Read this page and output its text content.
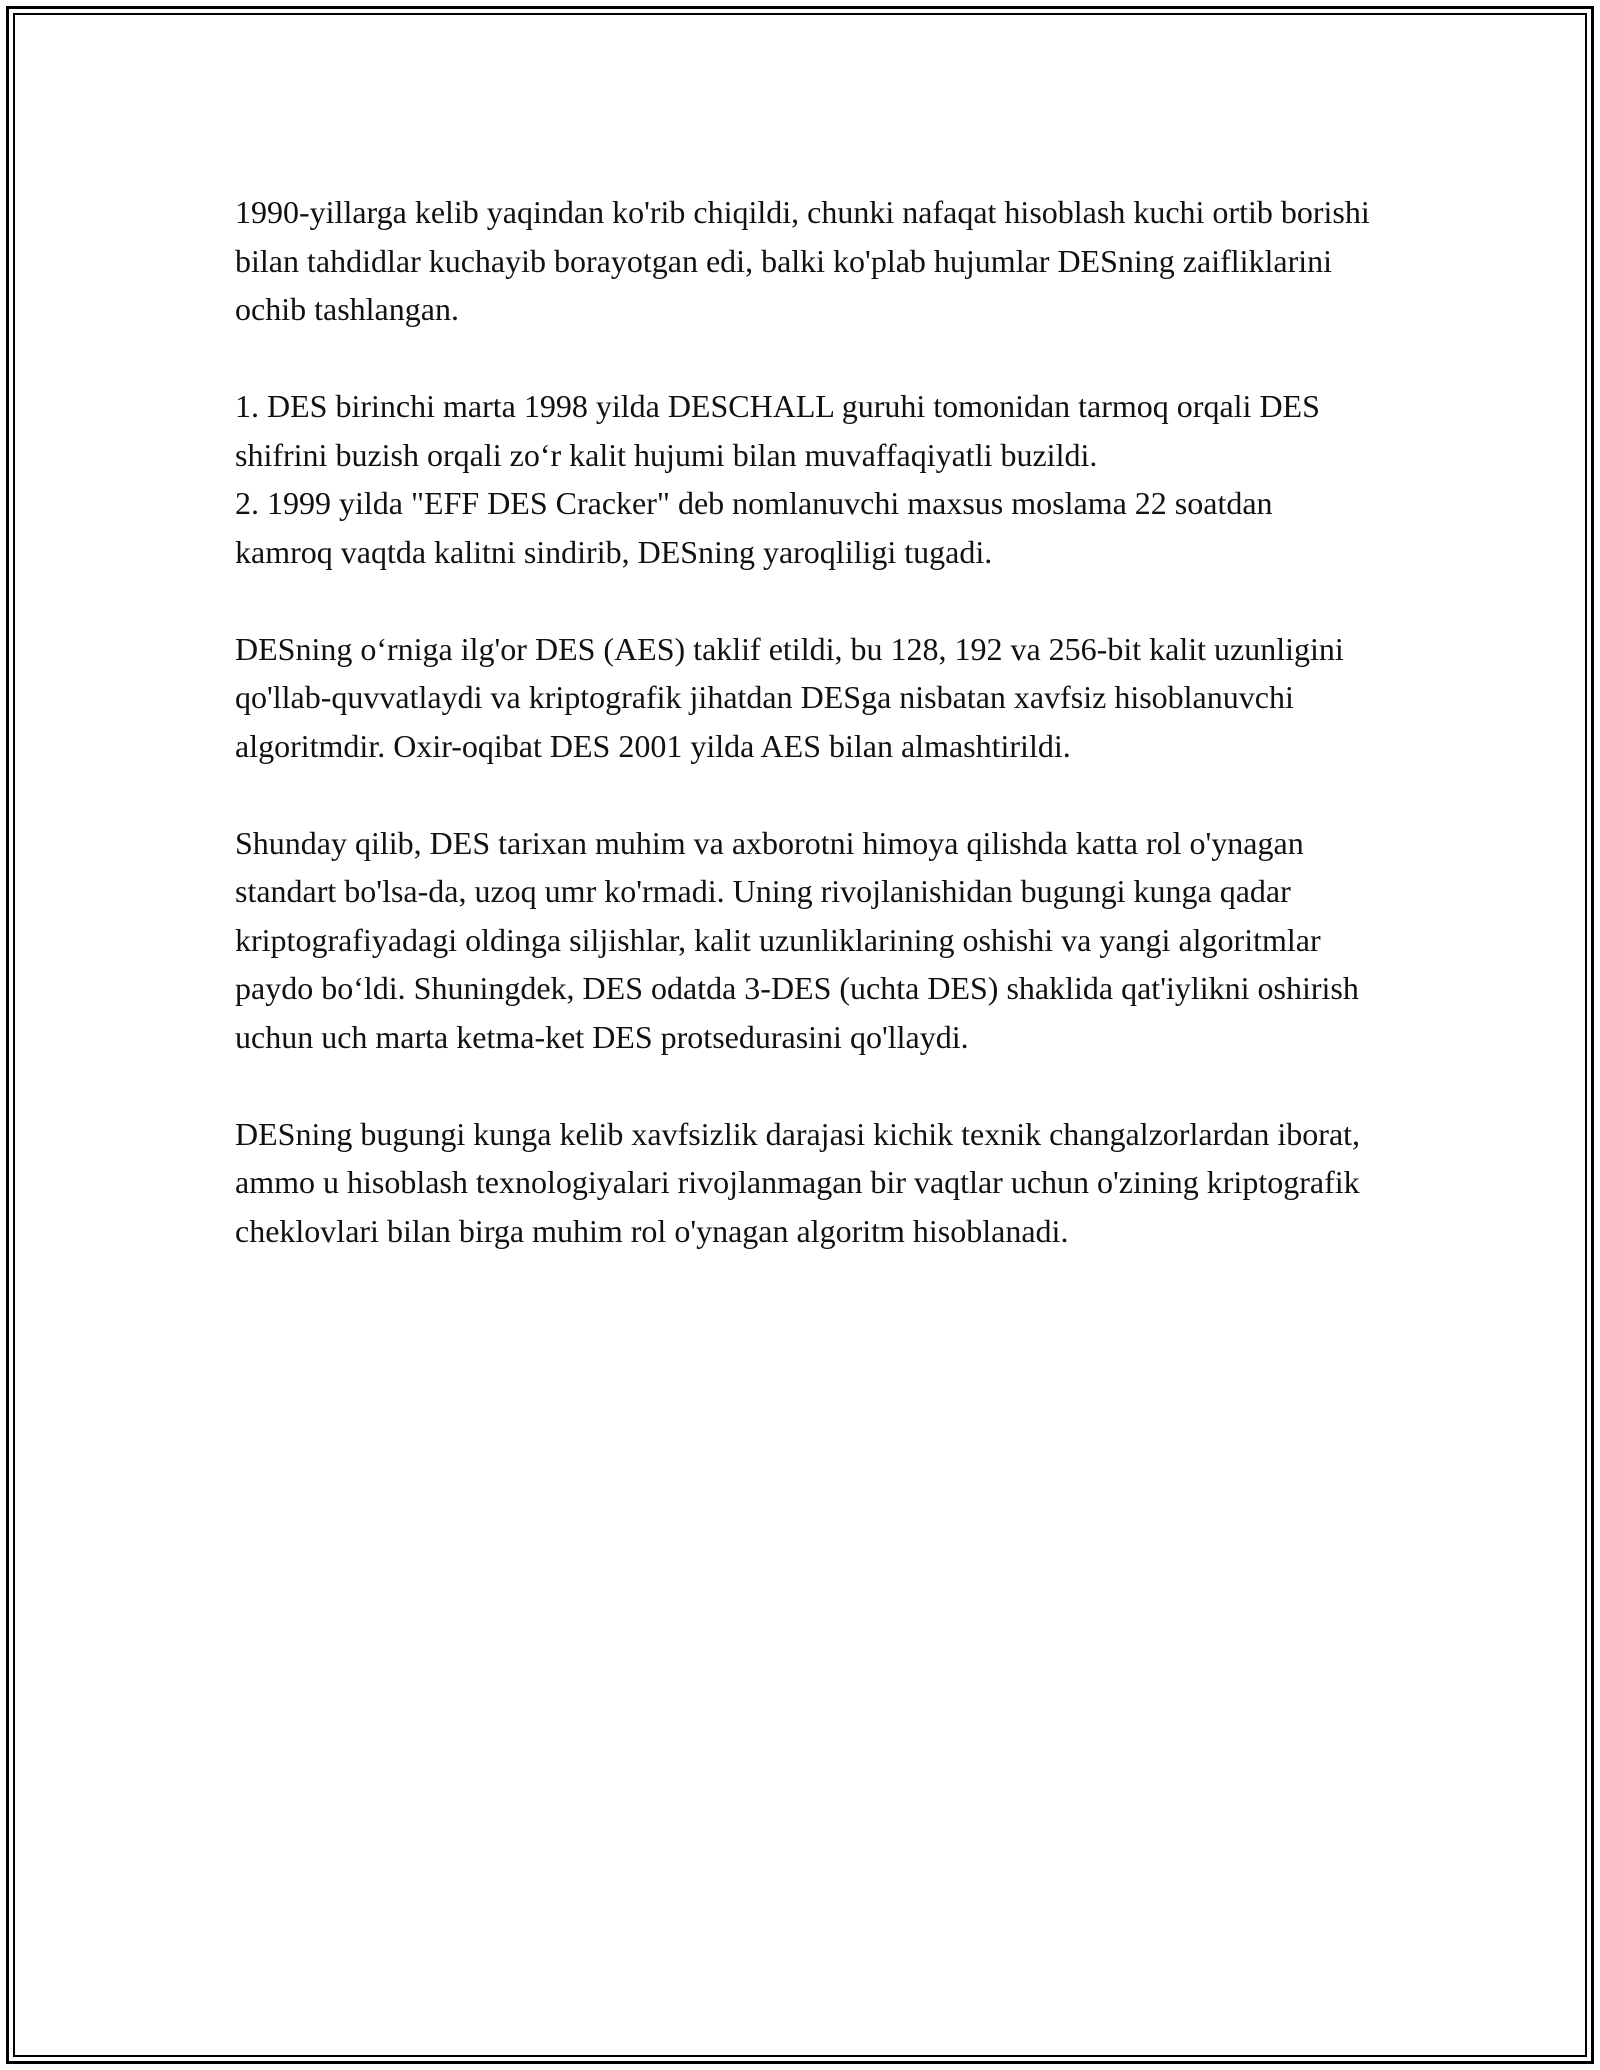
1990-yillarga kelib yaqindan ko'rib chiqildi, chunki nafaqat hisoblash kuchi ortib borishi bilan tahdidlar kuchayib borayotgan edi, balki ko'plab hujumlar DESning zaifliklarini ochib tashlangan.

1. DES birinchi marta 1998 yilda DESCHALL guruhi tomonidan tarmoq orqali DES shifrini buzish orqali zoʻr kalit hujumi bilan muvaffaqiyatli buzildi.

2. 1999 yilda "EFF DES Cracker" deb nomlanuvchi maxsus moslama 22 soatdan kamroq vaqtda kalitni sindirib, DESning yaroqliligi tugadi.

DESning oʻrniga ilg'or DES (AES) taklif etildi, bu 128, 192 va 256-bit kalit uzunligini qo'llab-quvvatlaydi va kriptografik jihatdan DESga nisbatan xavfsiz hisoblanuvchi algoritmdir. Oxir-oqibat DES 2001 yilda AES bilan almashtirildi.

Shunday qilib, DES tarixan muhim va axborotni himoya qilishda katta rol o'ynagan standart bo'lsa-da, uzoq umr ko'rmadi. Uning rivojlanishidan bugungi kunga qadar kriptografiyadagi oldinga siljishlar, kalit uzunliklarining oshishi va yangi algoritmlar paydo boʻldi. Shuningdek, DES odatda 3-DES (uchta DES) shaklida qat'iylikni oshirish uchun uch marta ketma-ket DES protsedurasini qo'llaydi.

DESning bugungi kunga kelib xavfsizlik darajasi kichik texnik changalzorlardan iborat, ammo u hisoblash texnologiyalari rivojlanmagan bir vaqtlar uchun o'zining kriptografik cheklovlari bilan birga muhim rol o'ynagan algoritm hisoblanadi.
